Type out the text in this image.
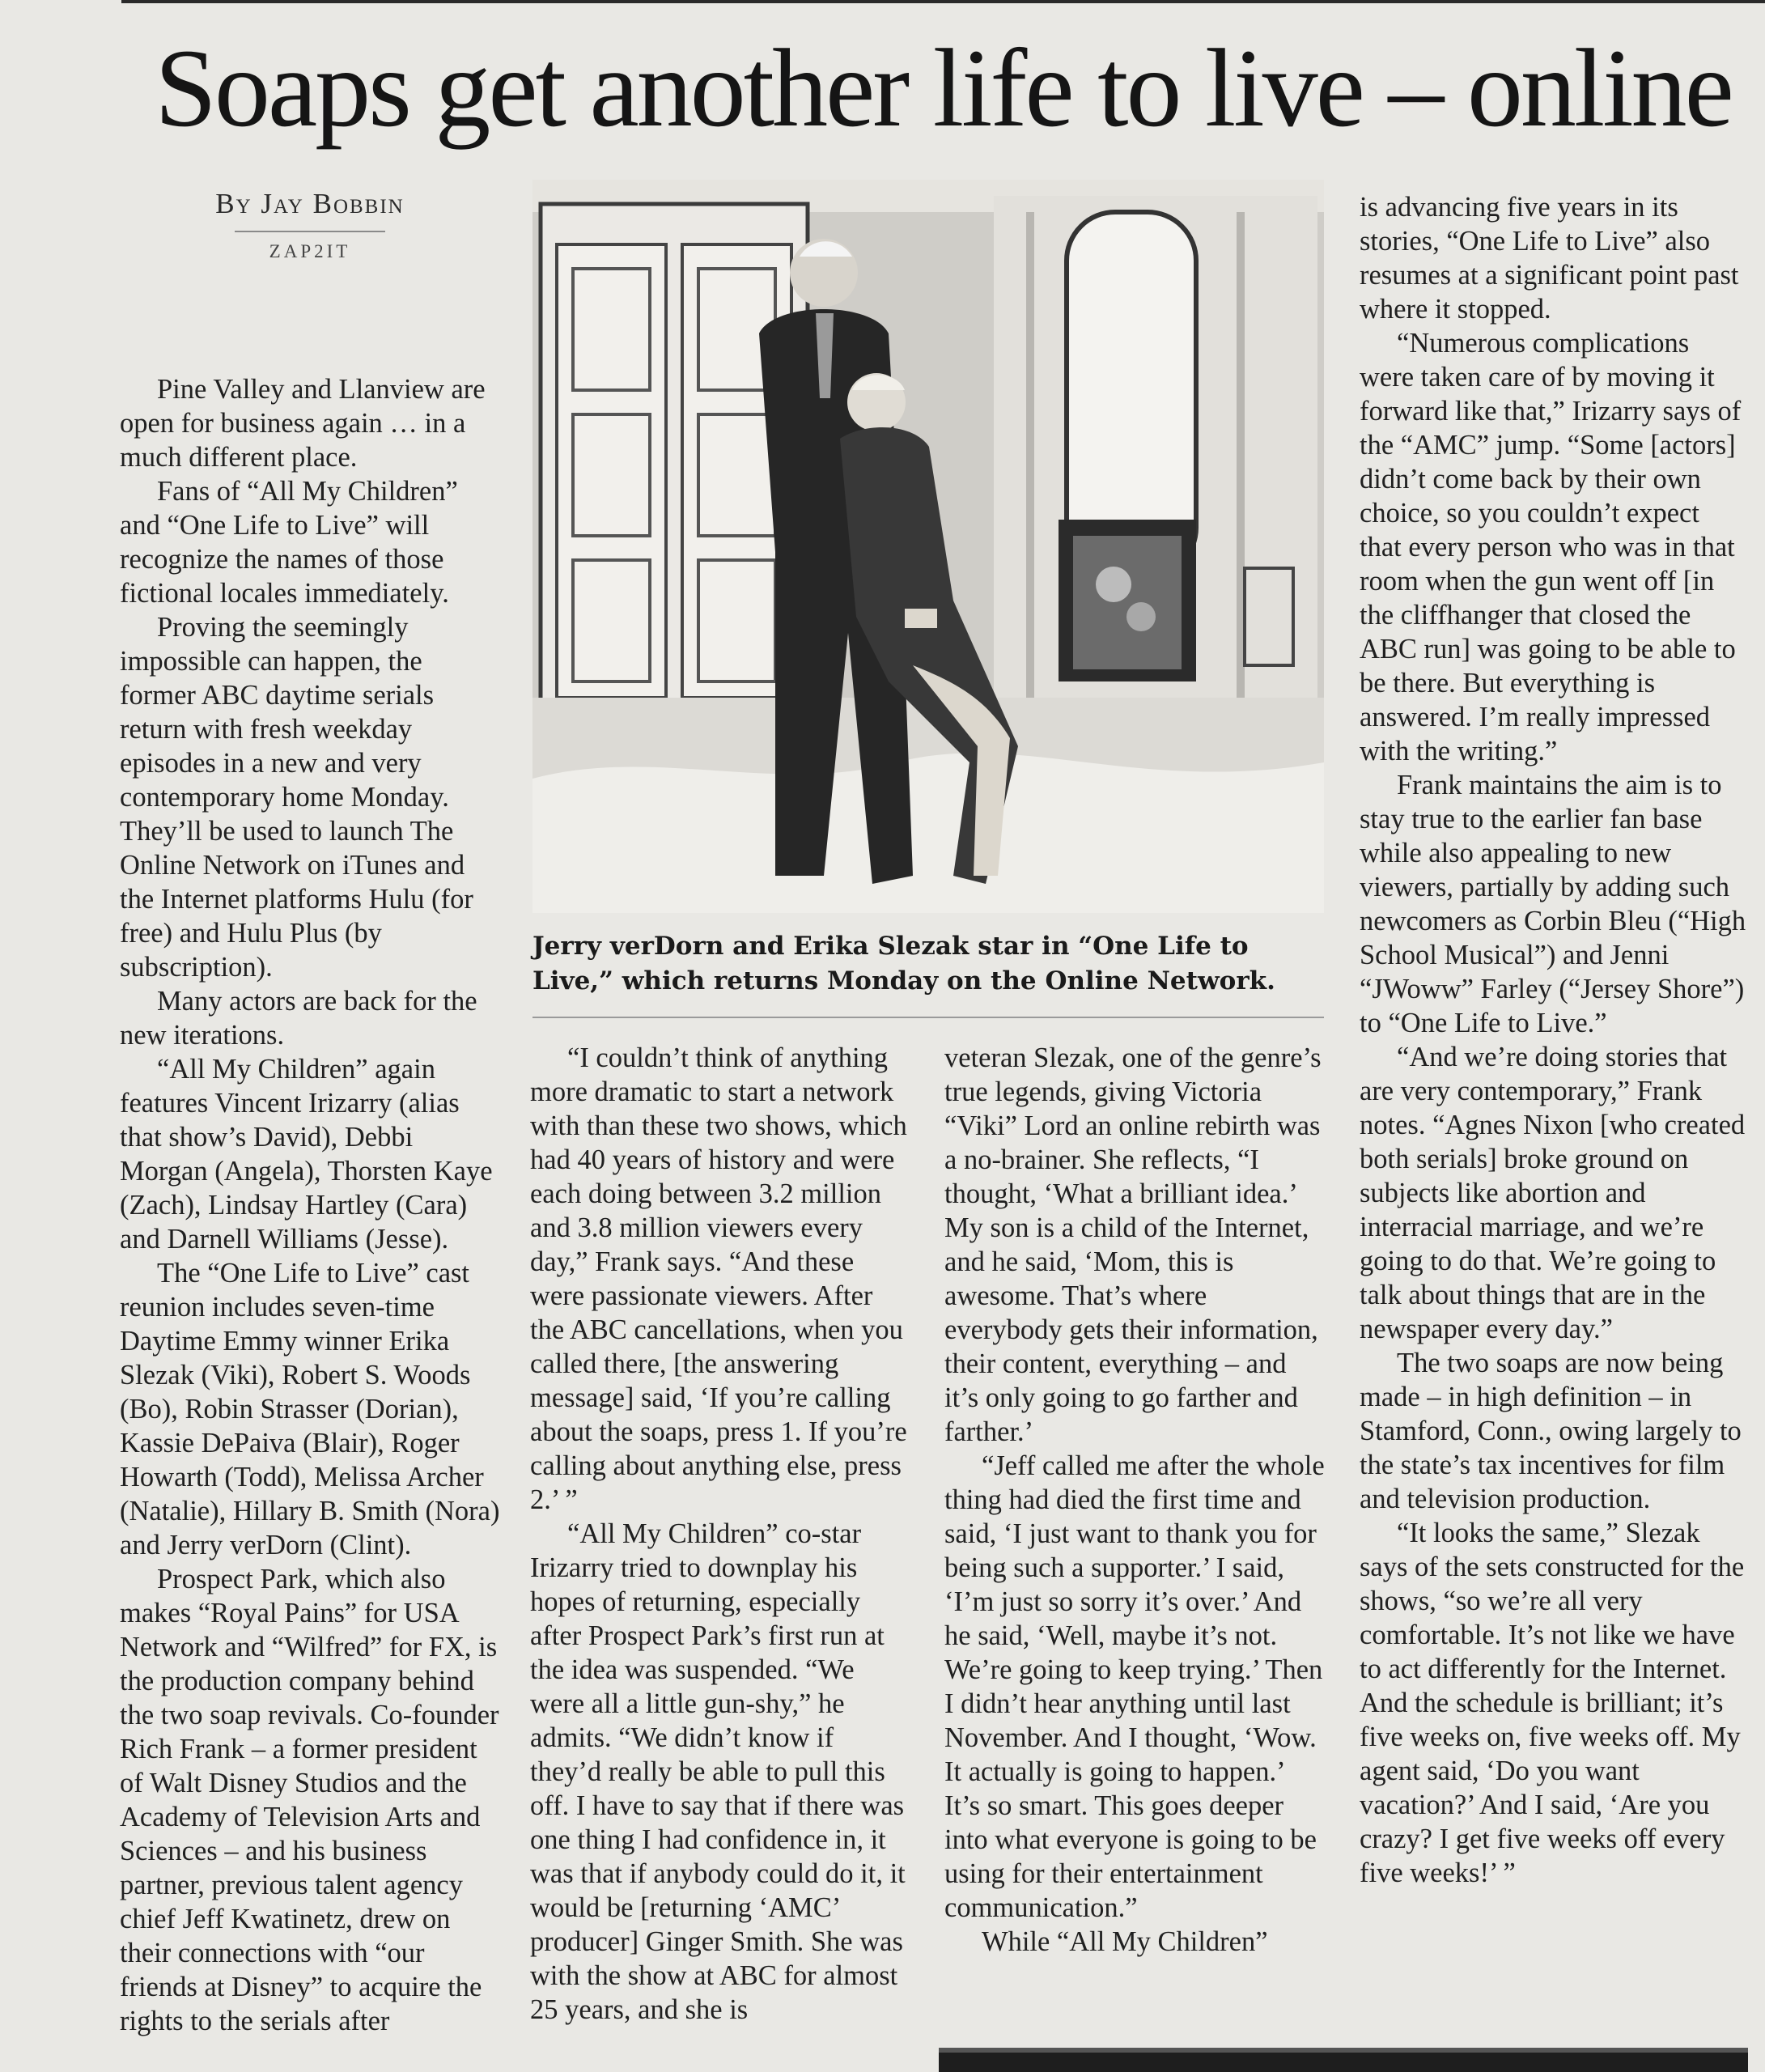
Soaps get another life to live – online
By Jay Bobbin
ZAP2IT

Pine Valley and Llanview are open for business again … in a much different place.

Fans of “All My Children” and “One Life to Live” will recognize the names of those fictional locales immediately.

Proving the seemingly impossible can happen, the former ABC daytime serials return with fresh weekday episodes in a new and very contemporary home Monday. They’ll be used to launch The Online Network on iTunes and the Internet platforms Hulu (for free) and Hulu Plus (by subscription).

Many actors are back for the new iterations.

“All My Children” again features Vincent Irizarry (alias that show’s David), Debbi Morgan (Angela), Thorsten Kaye (Zach), Lindsay Hartley (Cara) and Darnell Williams (Jesse).

The “One Life to Live” cast reunion includes seven-time Daytime Emmy winner Erika Slezak (Viki), Robert S. Woods (Bo), Robin Strasser (Dorian), Kassie DePaiva (Blair), Roger Howarth (Todd), Melissa Archer (Natalie), Hillary B. Smith (Nora) and Jerry verDorn (Clint).

Prospect Park, which also makes “Royal Pains” for USA Network and “Wilfred” for FX, is the production company behind the two soap revivals. Co-founder Rich Frank – a former president of Walt Disney Studios and the Academy of Television Arts and Sciences – and his business partner, previous talent agency chief Jeff Kwatinetz, drew on their connections with “our friends at Disney” to acquire the rights to the serials after

Jerry verDorn and Erika Slezak star in “One Life to Live,” which returns Monday on the Online Network.

“I couldn’t think of anything more dramatic to start a network with than these two shows, which had 40 years of history and were each doing between 3.2 million and 3.8 million viewers every day,” Frank says. “And these were passionate viewers. After the ABC cancellations, when you called there, [the answering message] said, ‘If you’re calling about the soaps, press 1. If you’re calling about anything else, press 2.’ ”

“All My Children” co-star Irizarry tried to downplay his hopes of returning, especially after Prospect Park’s first run at the idea was suspended. “We were all a little gun-shy,” he admits. “We didn’t know if they’d really be able to pull this off. I have to say that if there was one thing I had confidence in, it was that if anybody could do it, it would be [returning ‘AMC’ producer] Ginger Smith. She was with the show at ABC for almost 25 years, and she is

veteran Slezak, one of the genre’s true legends, giving Victoria “Viki” Lord an online rebirth was a no-brainer. She reflects, “I thought, ‘What a brilliant idea.’ My son is a child of the Internet, and he said, ‘Mom, this is awesome. That’s where everybody gets their information, their content, everything – and it’s only going to go farther and farther.’

“Jeff called me after the whole thing had died the first time and said, ‘I just want to thank you for being such a supporter.’ I said, ‘I’m just so sorry it’s over.’ And he said, ‘Well, maybe it’s not. We’re going to keep trying.’ Then I didn’t hear anything until last November. And I thought, ‘Wow. It actually is going to happen.’ It’s so smart. This goes deeper into what everyone is going to be using for their entertainment communication.”

While “All My Children”

is advancing five years in its stories, “One Life to Live” also resumes at a significant point past where it stopped.

“Numerous complications were taken care of by moving it forward like that,” Irizarry says of the “AMC” jump. “Some [actors] didn’t come back by their own choice, so you couldn’t expect that every person who was in that room when the gun went off [in the cliffhanger that closed the ABC run] was going to be able to be there. But everything is answered. I’m really impressed with the writing.”

Frank maintains the aim is to stay true to the earlier fan base while also appealing to new viewers, partially by adding such newcomers as Corbin Bleu (“High School Musical”) and Jenni “JWoww” Farley (“Jersey Shore”) to “One Life to Live.”

“And we’re doing stories that are very contemporary,” Frank notes. “Agnes Nixon [who created both serials] broke ground on subjects like abortion and interracial marriage, and we’re going to do that. We’re going to talk about things that are in the newspaper every day.”

The two soaps are now being made – in high definition – in Stamford, Conn., owing largely to the state’s tax incentives for film and television production.

“It looks the same,” Slezak says of the sets constructed for the shows, “so we’re all very comfortable. It’s not like we have to act differently for the Internet. And the schedule is brilliant; it’s five weeks on, five weeks off. My agent said, ‘Do you want vacation?’ And I said, ‘Are you crazy? I get five weeks off every five weeks!’ ”
